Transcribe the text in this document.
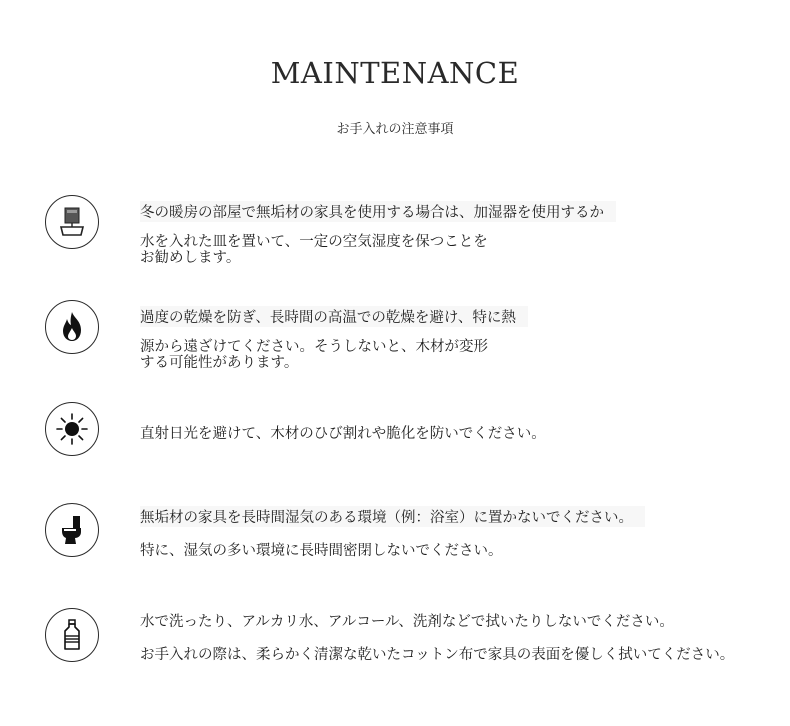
MAINTENANCE

お手入れの注意事項

冬の暖房の部屋で無垢材の家具を使用する場合は、加湿器を使用するか
水を入れた皿を置いて、一定の空気湿度を保つことを
お勧めします。
過度の乾燥を防ぎ、長時間の高温での乾燥を避け、特に熱
源から遠ざけてください。そうしないと、木材が変形
する可能性があります。
直射日光を避けて、木材のひび割れや脆化を防いでください。
無垢材の家具を長時間湿気のある環境（例：浴室）に置かないでください。
特に、湿気の多い環境に長時間密閉しないでください。
水で洗ったり、アルカリ水、アルコール、洗剤などで拭いたりしないでください。
お手入れの際は、柔らかく清潔な乾いたコットン布で家具の表面を優しく拭いてください。
